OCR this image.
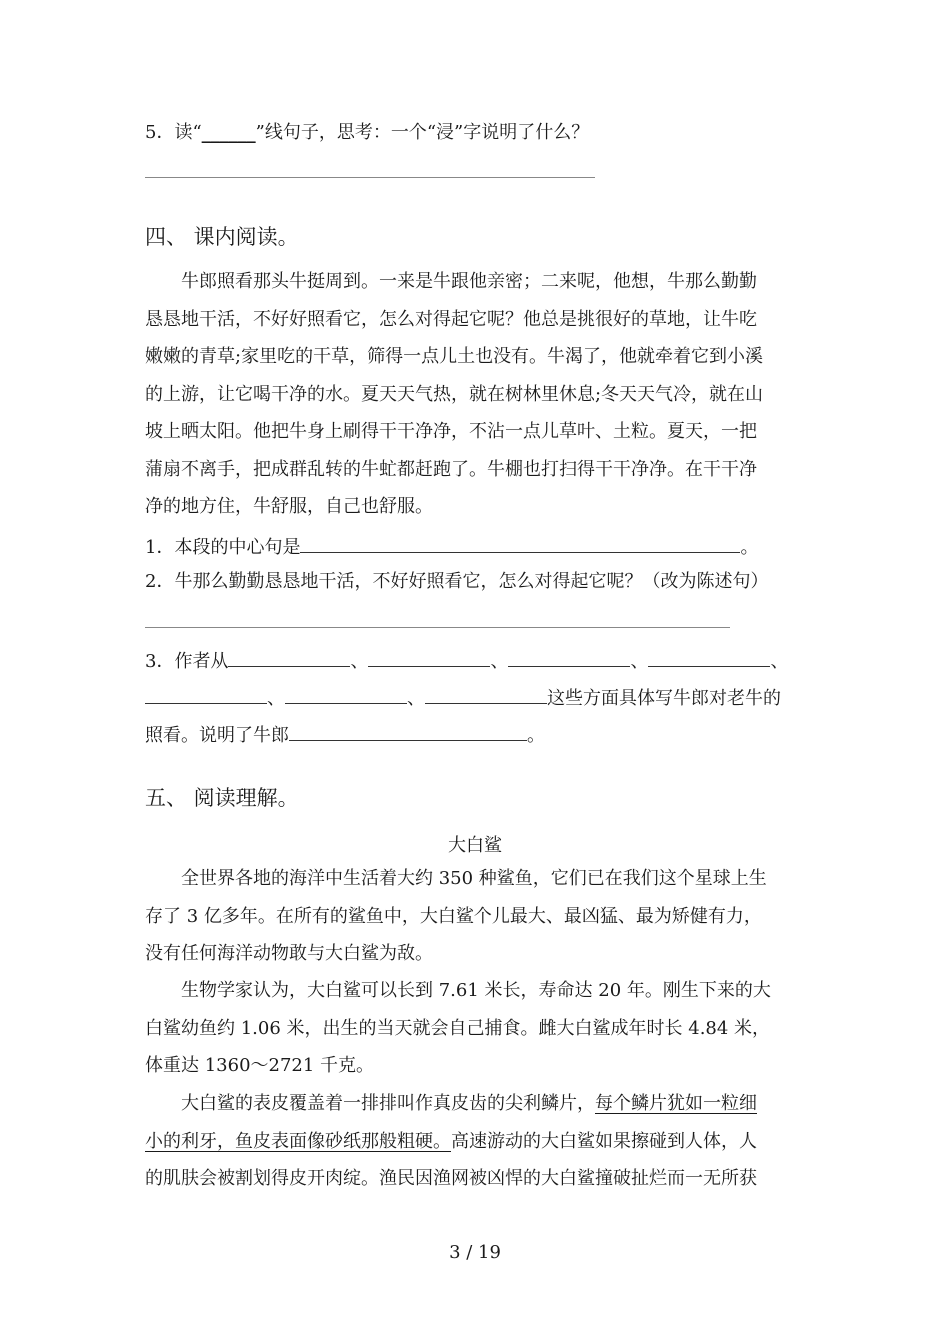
5．读“______”线句子，思考：一个“浸”字说明了什么？
四、 课内阅读。
牛郎照看那头牛挺周到。一来是牛跟他亲密；二来呢，他想，牛那么勤勤
恳恳地干活，不好好照看它，怎么对得起它呢？他总是挑很好的草地，让牛吃
嫩嫩的青草;家里吃的干草，筛得一点儿土也没有。牛渴了，他就牵着它到小溪
的上游，让它喝干净的水。夏天天气热，就在树林里休息;冬天天气冷，就在山
坡上晒太阳。他把牛身上刷得干干净净，不沾一点儿草叶、土粒。夏天，一把
蒲扇不离手，把成群乱转的牛虻都赶跑了。牛棚也打扫得干干净净。在干干净
净的地方住，牛舒服，自己也舒服。
1．本段的中心句是	。
2．牛那么勤勤恳恳地干活，不好好照看它，怎么对得起它呢？（改为陈述句）
3．作者从	、	、	、	、
、	、	这些方面具体写牛郎对老牛的
照看。说明了牛郎	。
五、 阅读理解。
大白鲨
全世界各地的海洋中生活着大约 350 种鲨鱼，它们已在我们这个星球上生
存了 3 亿多年。在所有的鲨鱼中，大白鲨个儿最大、最凶猛、最为矫健有力，
没有任何海洋动物敢与大白鲨为敌。
生物学家认为，大白鲨可以长到 7.61 米长，寿命达 20 年。刚生下来的大
白鲨幼鱼约 1.06 米，出生的当天就会自己捕食。雌大白鲨成年时长 4.84 米，
体重达 1360～2721 千克。
大白鲨的表皮覆盖着一排排叫作真皮齿的尖利鳞片，每个鳞片犹如一粒细
小的利牙，鱼皮表面像砂纸那般粗硬。高速游动的大白鲨如果擦碰到人体，人
的肌肤会被割划得皮开肉绽。渔民因渔网被凶悍的大白鲨撞破扯烂而一无所获
3 / 19
